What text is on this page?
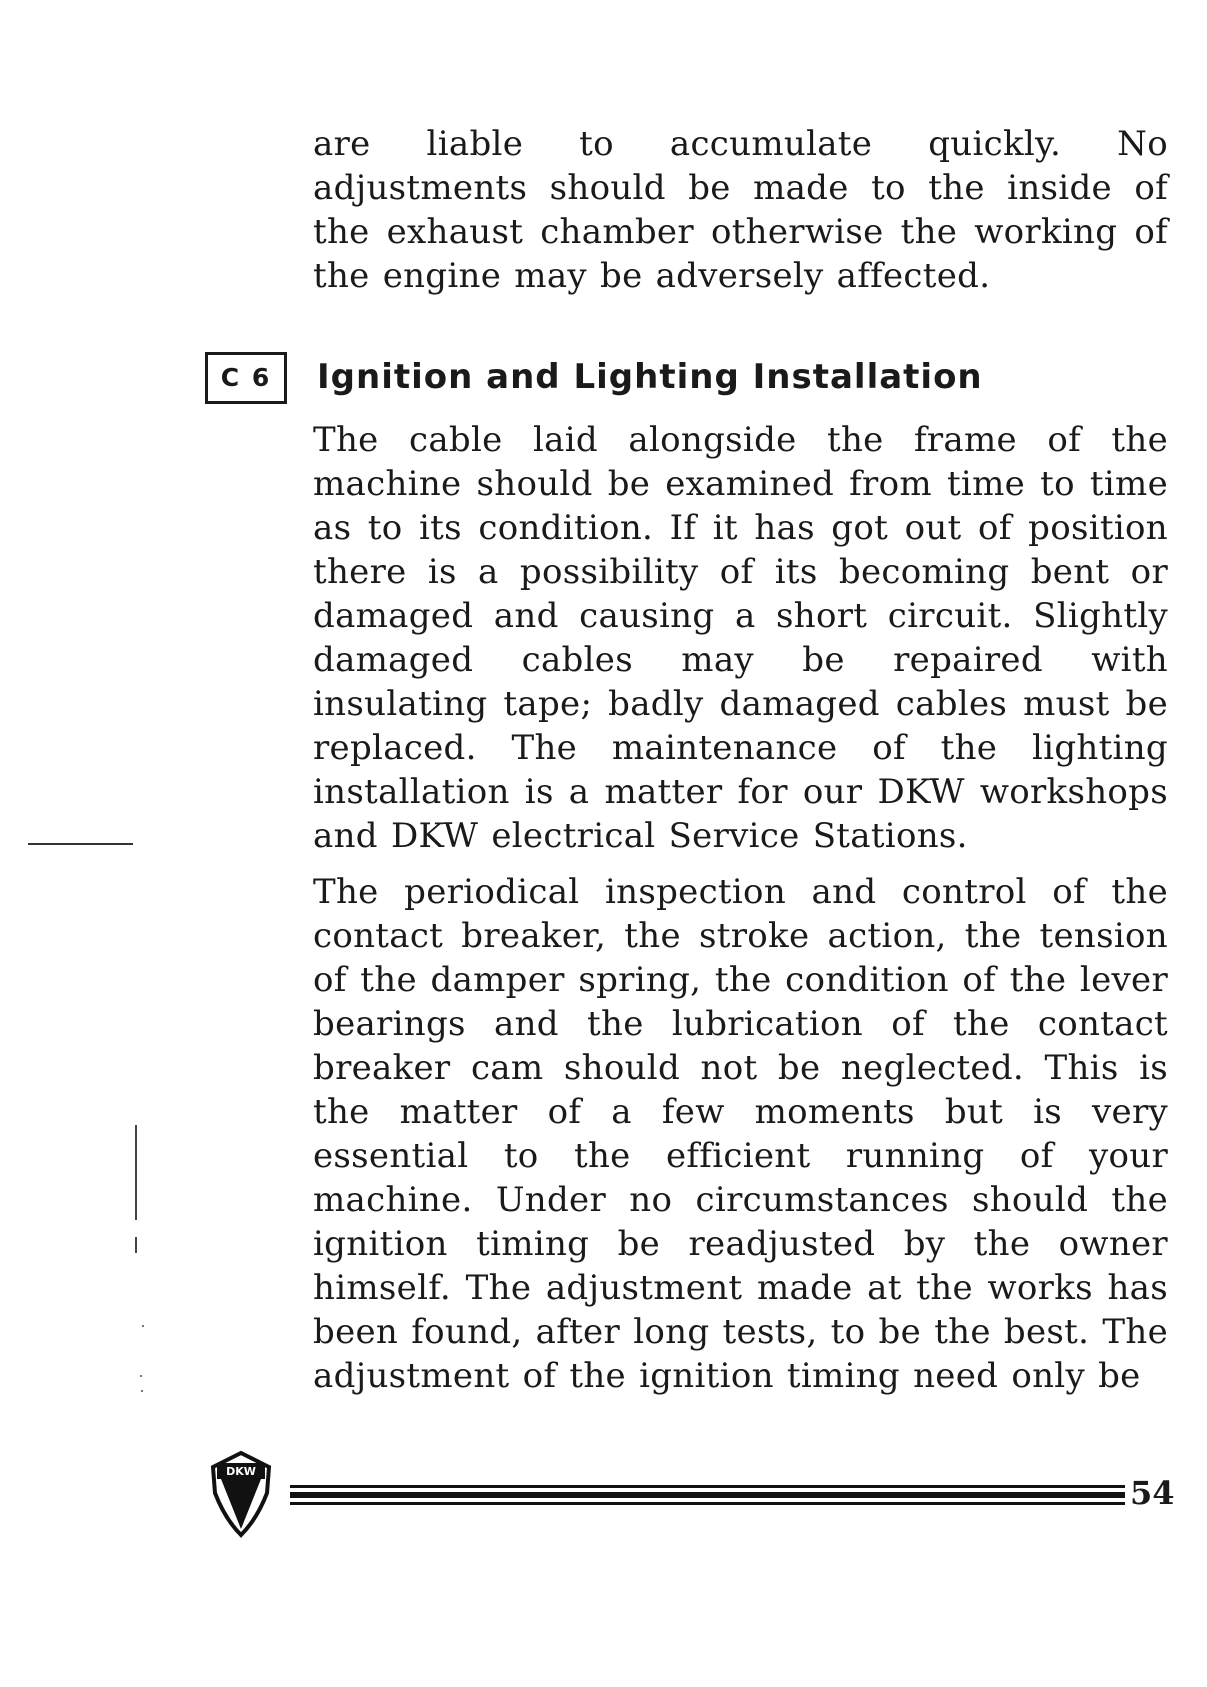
are liable to accumulate quickly. No adjustments should be made to the inside of the exhaust chamber otherwise the working of the engine may be adversely affected.

C 6	Ignition and Lighting Installation

The cable laid alongside the frame of the machine should be examined from time to time as to its condition. If it has got out of position there is a possibility of its becoming bent or damaged and causing a short circuit. Slightly damaged cables may be repaired with insulating tape; badly damaged cables must be replaced. The maintenance of the lighting installation is a matter for our DKW workshops and DKW electrical Service Stations.

The periodical inspection and control of the contact breaker, the stroke action, the tension of the damper spring, the condition of the lever bearings and the lubrication of the contact breaker cam should not be neglected. This is the matter of a few moments but is very essential to the efficient running of your machine. Under no circumstances should the ignition timing be readjusted by the owner himself. The adjustment made at the works has been found, after long tests, to be the best. The adjustment of the ignition timing need only be

DKW
54
